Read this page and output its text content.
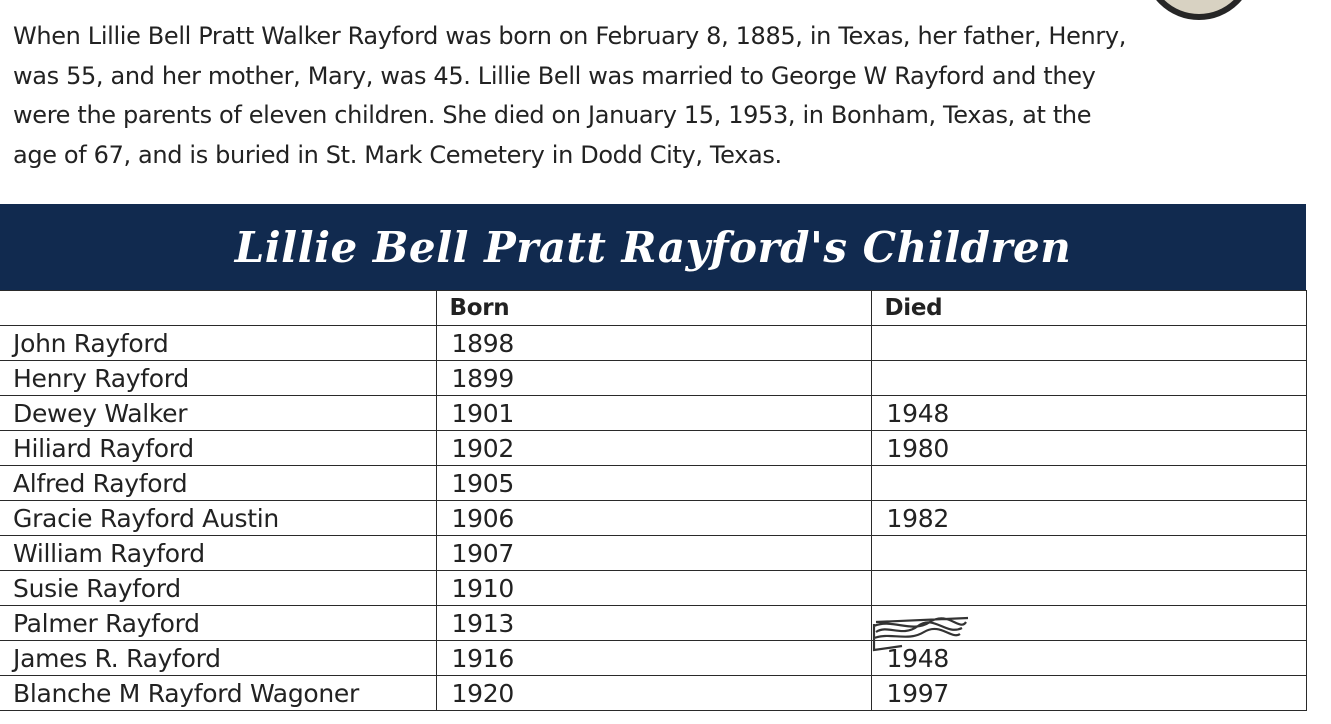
When Lillie Bell Pratt Walker Rayford was born on February 8, 1885, in Texas, her father, Henry,
was 55, and her mother, Mary, was 45. Lillie Bell was married to George W Rayford and they
were the parents of eleven children. She died on January 15, 1953, in Bonham, Texas, at the
age of 67, and is buried in St. Mark Cemetery in Dodd City, Texas.

Lillie Bell Pratt Rayford's Children
	Born	Died
John Rayford	1898	
Henry Rayford	1899	
Dewey Walker	1901	1948
Hiliard Rayford	1902	1980
Alfred Rayford	1905	
Gracie Rayford Austin	1906	1982
William Rayford	1907	
Susie Rayford	1910	
Palmer Rayford	1913	
James R. Rayford	1916	1948
Blanche M Rayford Wagoner	1920	1997
